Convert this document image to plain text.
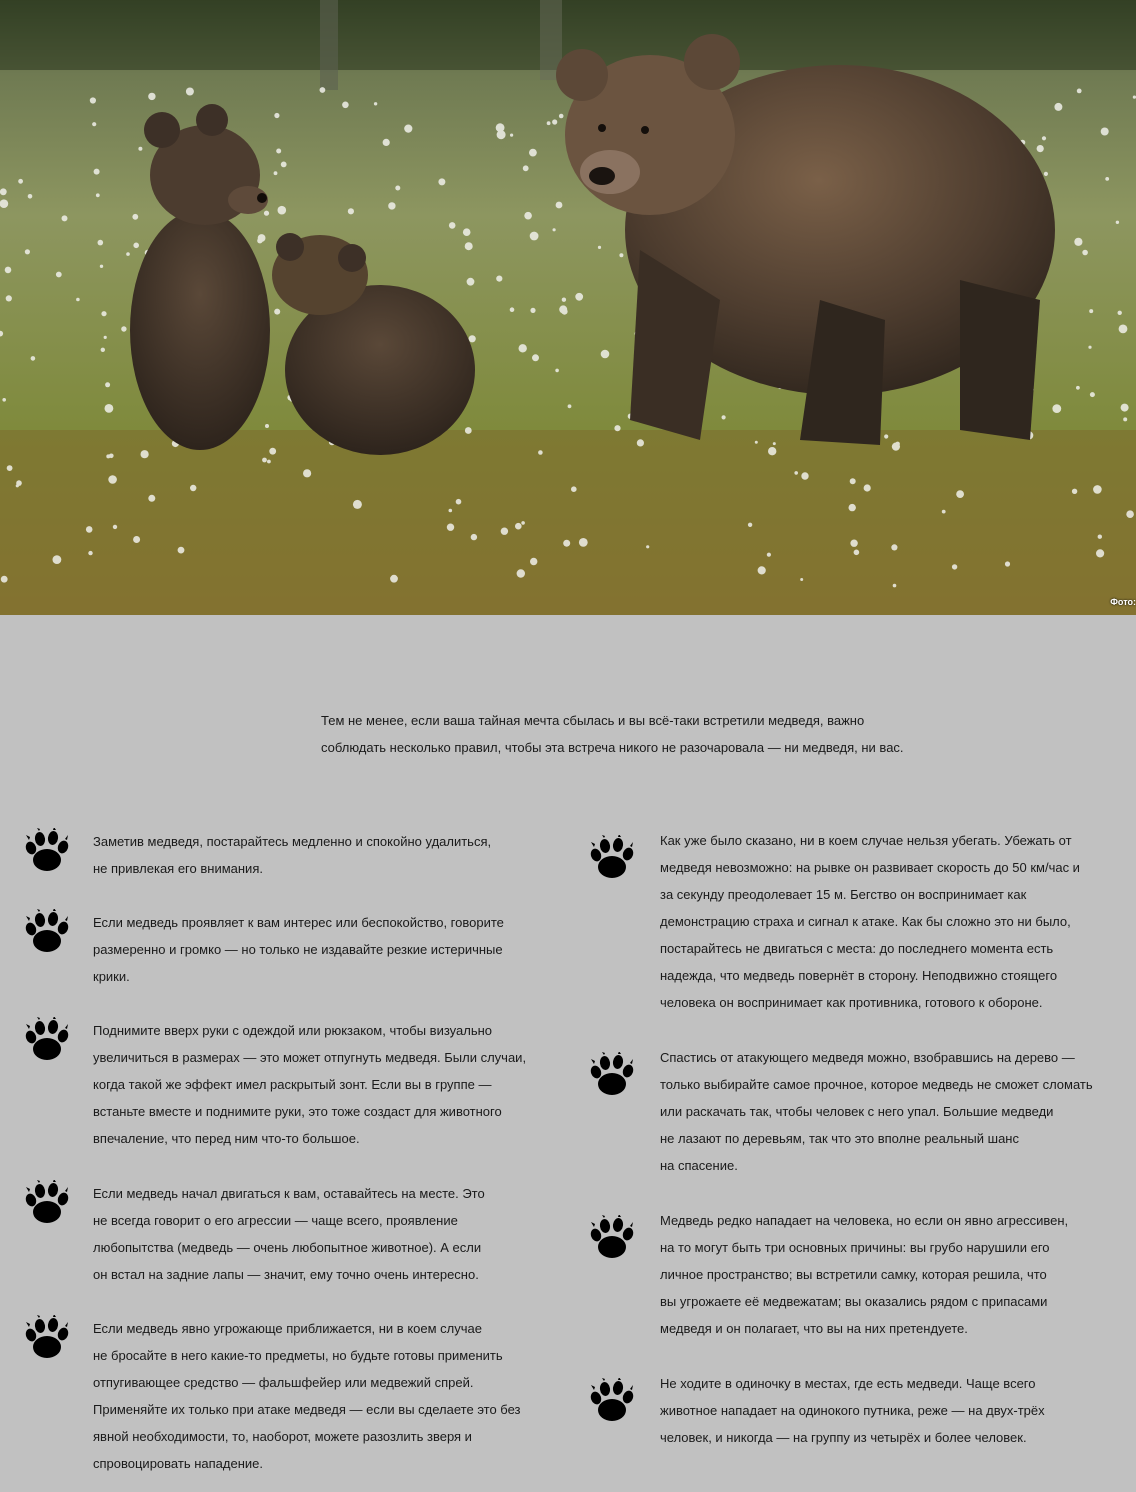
Фото:
Тем не менее, если ваша тайная мечта сбылась и вы всё-таки встретили медведя, важно
соблюдать несколько правил, чтобы эта встреча никого не разочаровала — ни медведя, ни вас.
Заметив медведя, постарайтесь медленно и спокойно удалиться,
не привлекая его внимания.
Если медведь проявляет к вам интерес или беспокойство, говорите
размеренно и громко — но только не издавайте резкие истеричные
крики.
Поднимите вверх руки с одеждой или рюкзаком, чтобы визуально
увеличиться в размерах — это может отпугнуть медведя. Были случаи,
когда такой же эффект имел раскрытый зонт. Если вы в группе —
встаньте вместе и поднимите руки, это тоже создаст для животного
впечаление, что перед ним что-то большое.
Если медведь начал двигаться к вам, оставайтесь на месте. Это
не всегда говорит о его агрессии — чаще всего, проявление
любопытства (медведь — очень любопытное животное). А если
он встал на задние лапы — значит, ему точно очень интересно.
Если медведь явно угрожающе приближается, ни в коем случае
не бросайте в него какие-то предметы, но будьте готовы применить
отпугивающее средство — фальшфейер или медвежий спрей.
Применяйте их только при атаке медведя — если вы сделаете это без
явной необходимости, то, наоборот, можете разозлить зверя и
спровоцировать нападение.
Как уже было сказано, ни в коем случае нельзя убегать. Убежать от
медведя невозможно: на рывке он развивает скорость до 50 км/час и
за секунду преодолевает 15 м. Бегство он воспринимает как
демонстрацию страха и сигнал к атаке. Как бы сложно это ни было,
постарайтесь не двигаться с места: до последнего момента есть
надежда, что медведь повернёт в сторону. Неподвижно стоящего
человека он воспринимает как противника, готового к обороне.
Спастись от атакующего медведя можно, взобравшись на дерево —
только выбирайте самое прочное, которое медведь не сможет сломать
или раскачать так, чтобы человек с него упал. Большие медведи
не лазают по деревьям, так что это вполне реальный шанс
на спасение.
Медведь редко нападает на человека, но если он явно агрессивен,
на то могут быть три основных причины: вы грубо нарушили его
личное пространство; вы встретили самку, которая решила, что
вы угрожаете её медвежатам; вы оказались рядом с припасами
медведя и он полагает, что вы на них претендуете.
Не ходите в одиночку в местах, где есть медведи. Чаще всего
животное нападает на одинокого путника, реже — на двух-трёх
человек, и никогда — на группу из четырёх и более человек.
